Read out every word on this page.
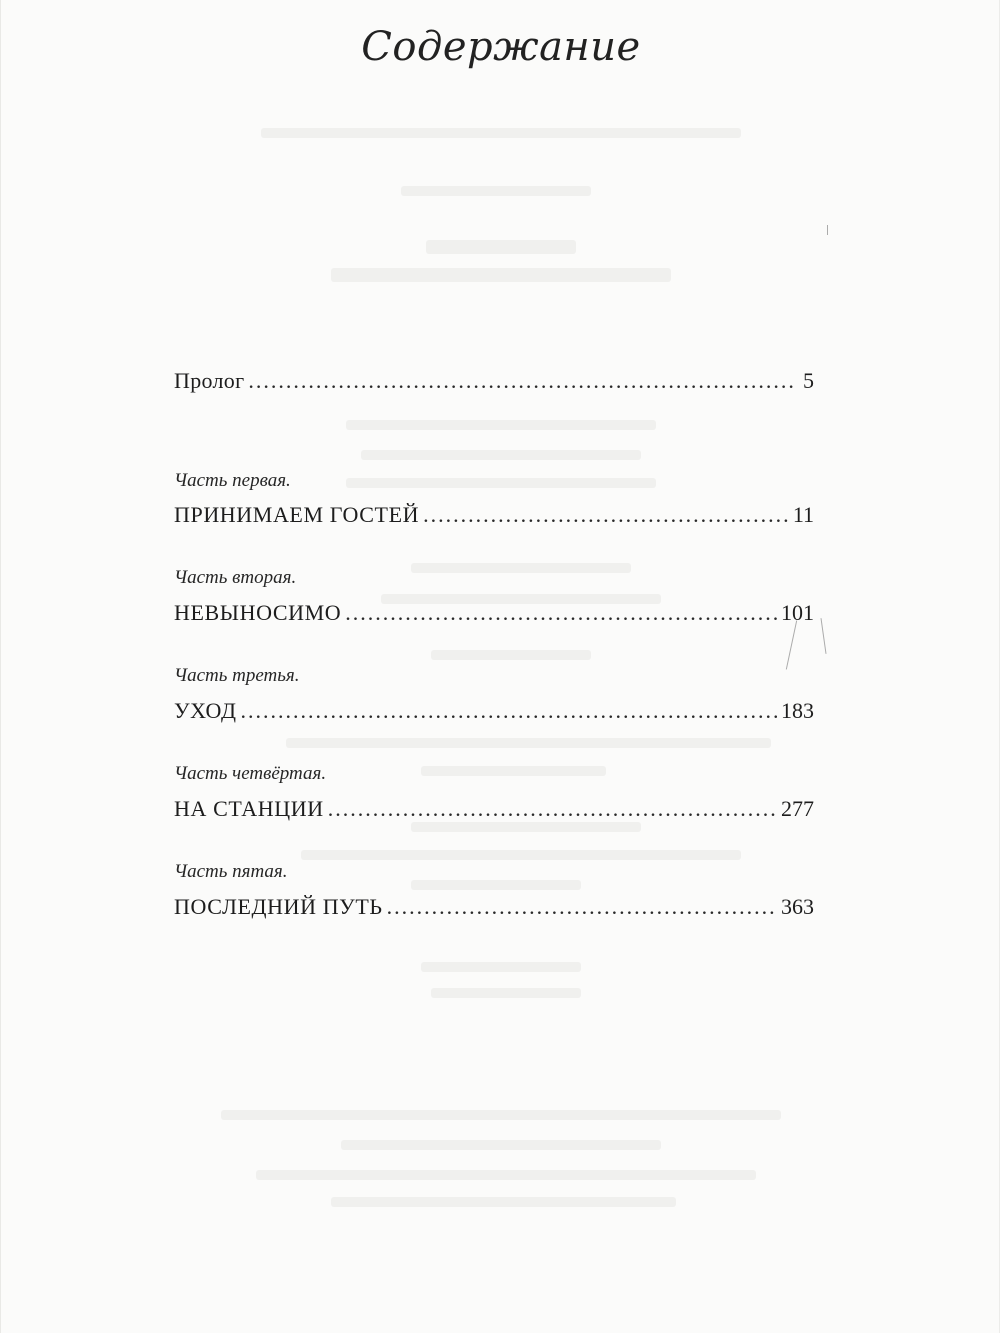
Содержание
Пролог .....	5
Часть первая.
ПРИНИМАЕМ ГОСТЕЙ .....	11
Часть вторая.
НЕВЫНОСИМО .....	101
Часть третья.
УХОД .....	183
Часть четвёртая.
НА СТАНЦИИ .....	277
Часть пятая.
ПОСЛЕДНИЙ ПУТЬ .....	363
